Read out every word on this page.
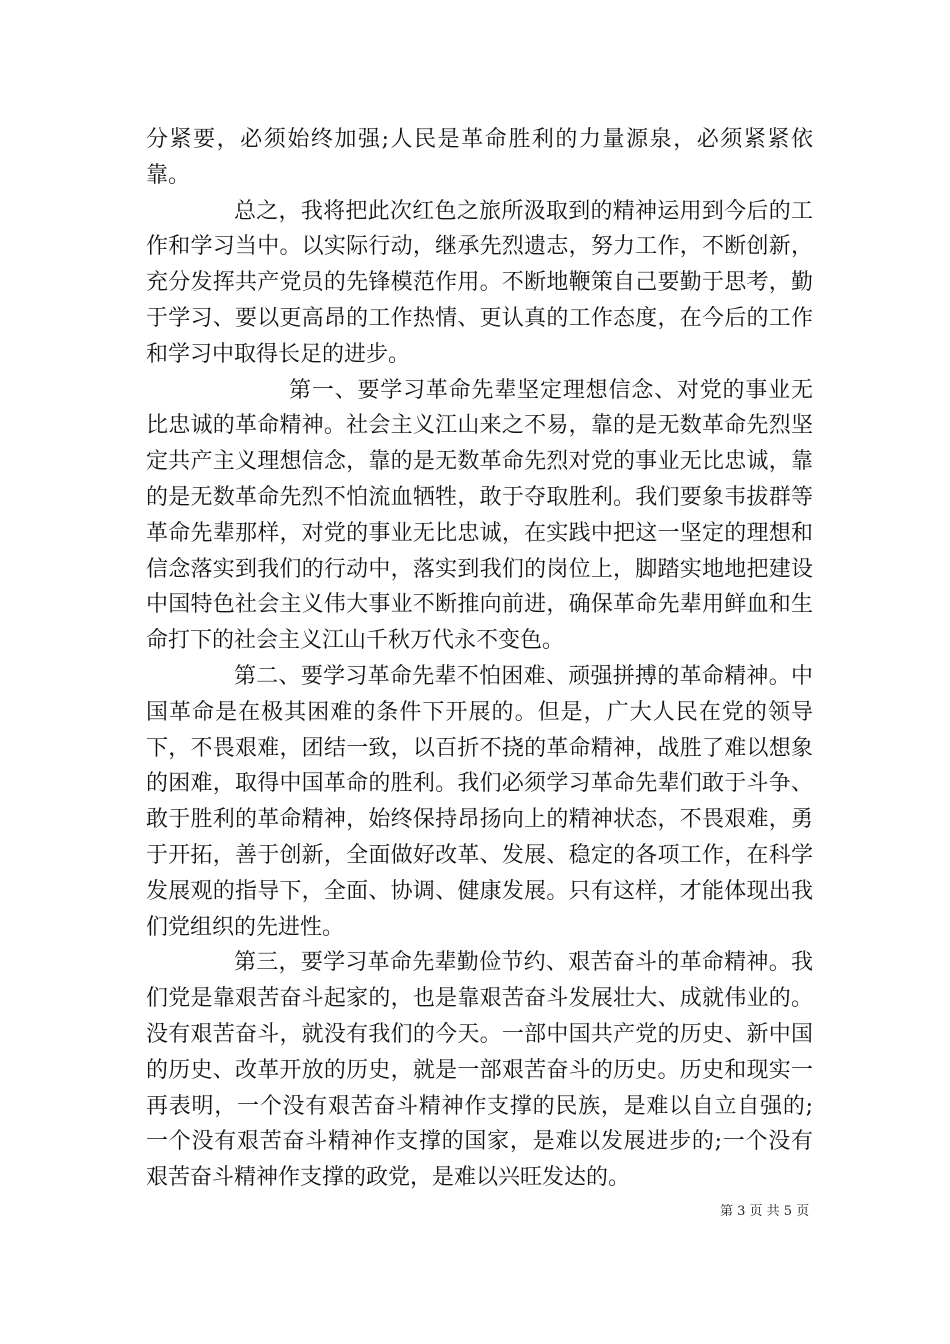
分紧要，必须始终加强;人民是革命胜利的力量源泉，必须紧紧依靠。

总之，我将把此次红色之旅所汲取到的精神运用到今后的工作和学习当中。以实际行动，继承先烈遗志，努力工作，不断创新，充分发挥共产党员的先锋模范作用。不断地鞭策自己要勤于思考，勤于学习、要以更高昂的工作热情、更认真的工作态度，在今后的工作和学习中取得长足的进步。

第一、要学习革命先辈坚定理想信念、对党的事业无比忠诚的革命精神。社会主义江山来之不易，靠的是无数革命先烈坚定共产主义理想信念，靠的是无数革命先烈对党的事业无比忠诚，靠的是无数革命先烈不怕流血牺牲，敢于夺取胜利。我们要象韦拔群等革命先辈那样，对党的事业无比忠诚，在实践中把这一坚定的理想和信念落实到我们的行动中，落实到我们的岗位上，脚踏实地地把建设中国特色社会主义伟大事业不断推向前进，确保革命先辈用鲜血和生命打下的社会主义江山千秋万代永不变色。

第二、要学习革命先辈不怕困难、顽强拼搏的革命精神。中国革命是在极其困难的条件下开展的。但是，广大人民在党的领导下，不畏艰难，团结一致，以百折不挠的革命精神，战胜了难以想象的困难，取得中国革命的胜利。我们必须学习革命先辈们敢于斗争、敢于胜利的革命精神，始终保持昂扬向上的精神状态，不畏艰难，勇于开拓，善于创新，全面做好改革、发展、稳定的各项工作，在科学发展观的指导下，全面、协调、健康发展。只有这样，才能体现出我们党组织的先进性。

第三，要学习革命先辈勤俭节约、艰苦奋斗的革命精神。我们党是靠艰苦奋斗起家的，也是靠艰苦奋斗发展壮大、成就伟业的。没有艰苦奋斗，就没有我们的今天。一部中国共产党的历史、新中国的历史、改革开放的历史，就是一部艰苦奋斗的历史。历史和现实一再表明，一个没有艰苦奋斗精神作支撑的民族，是难以自立自强的;一个没有艰苦奋斗精神作支撑的国家，是难以发展进步的;一个没有艰苦奋斗精神作支撑的政党，是难以兴旺发达的。

第 3 页 共 5 页
